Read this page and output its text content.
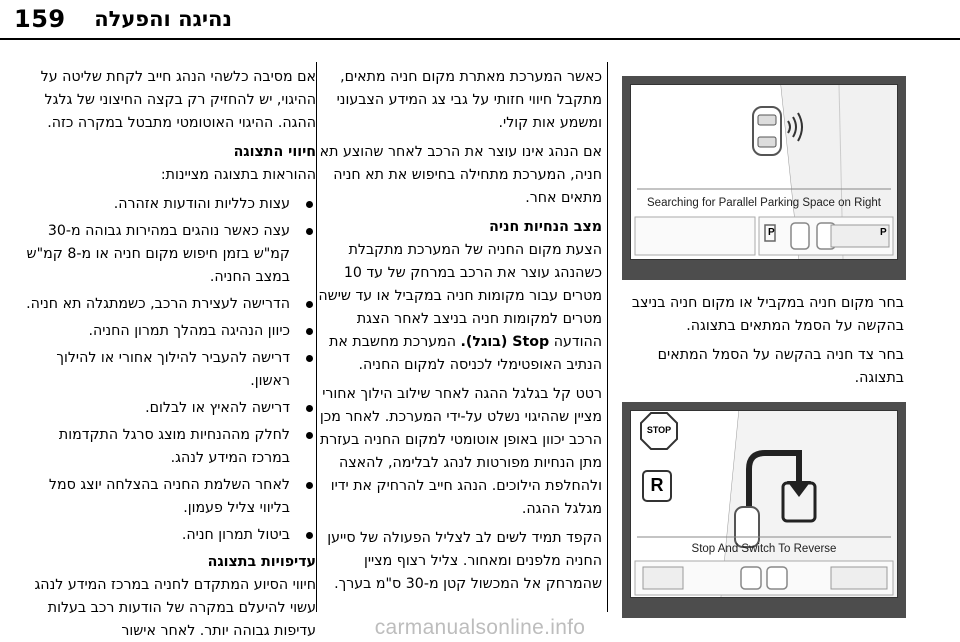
159 נהיגה והפעלה

אם מסיבה כלשהי הנהג חייב לקחת שליטה על ההיגוי, יש להחזיק רק בקצה החיצוני של גלגל ההגה. ההיגוי האוטומטי מתבטל במקרה כזה.

חיווי התצוגה

ההוראות בתצוגה מציינות:

עצות כלליות והודעות אזהרה.
עצה כאשר נוהגים במהירות גבוהה מ-30 קמ"ש בזמן חיפוש מקום חניה או מ-8 קמ"ש במצב החניה.
הדרישה לעצירת הרכב, כשמתגלה תא חניה.
כיוון הנהיגה במהלך תמרון החניה.
דרישה להעביר להילוך אחורי או להילוך ראשון.
דרישה להאיץ או לבלום.
לחלק מההנחיות מוצג סרגל התקדמות במרכז המידע לנהג.
לאחר השלמת החניה בהצלחה יוצג סמל בליווי צליל פעמון.
ביטול תמרון חניה.
עדיפויות בתצוגה

חיווי הסיוע המתקדם לחניה במרכז המידע לנהג עשוי להיעלם במקרה של הודעות רכב בעלות עדיפות גבוהה יותר. לאחר אישור

כאשר המערכת מאתרת מקום חניה מתאים, מתקבל חיווי חזותי על גבי צג המידע הצבעוני ומשמע אות קולי.

אם הנהג אינו עוצר את הרכב לאחר שהוצע תא חניה, המערכת מתחילה בחיפוש את תא חניה מתאים אחר.

מצב הנחיות חניה

הצעת מקום החניה של המערכת מתקבלת כשהנהג עוצר את הרכב במרחק של עד 10 מטרים עבור מקומות חניה במקביל או עד שישה מטרים למקומות חניה בניצב לאחר הצגת ההודעה Stop (בוגל). המערכת מחשבת את הנתיב האופטימלי לכניסה למקום החניה.

רטט קל בגלגל ההגה לאחר שילוב הילוך אחורי מציין שההיגוי נשלט על-ידי המערכת. לאחר מכן הרכב יכוון באופן אוטומטי למקום החניה בעזרת מתן הנחיות מפורטות לנהג לבלימה, להאצה ולהחלפת הילוכים. הנהג חייב להרחיק את ידיו מגלגל ההגה.

הקפד תמיד לשים לב לצליל הפעולה של סייען החניה מלפנים ומאחור. צליל רצוף מציין שהמרחק אל המכשול קטן מ-30 ס"מ בערך.

Searching for Parallel Parking Space on Right
P	P

בחר מקום חניה במקביל או מקום חניה בניצב בהקשה על הסמל המתאים בתצוגה.

בחר צד חניה בהקשה על הסמל המתאים בתצוגה.

STOP
R
Stop And Switch To Reverse
carmanualsonline.info
